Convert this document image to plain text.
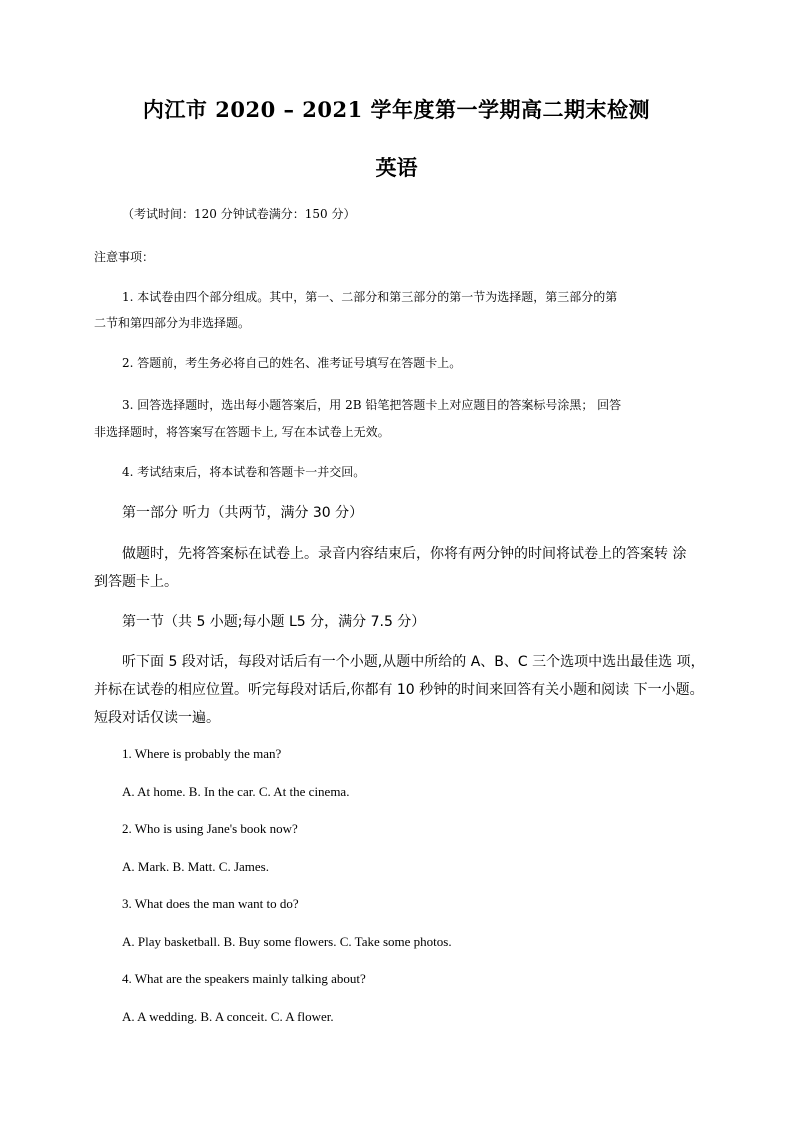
内江市 2020 – 2021 学年度第一学期高二期末检测
英语
（考试时间：120 分钟试卷满分：150 分）
注意事项：
1. 本试卷由四个部分组成。其中，第一、二部分和第三部分的第一节为选择题，第三部分的第
二节和第四部分为非选择题。
2. 答题前，考生务必将自己的姓名、准考证号填写在答题卡上。
3. 回答选择题时，选出每小题答案后，用 2B 铅笔把答题卡上对应题目的答案标号涂黑； 回答
非选择题时，将答案写在答题卡上, 写在本试卷上无效。
4. 考试结束后，将本试卷和答题卡一并交回。
第一部分 听力（共两节，满分 30 分）
做题时，先将答案标在试卷上。录音内容结束后，你将有两分钟的时间将试卷上的答案转 涂
到答题卡上。
第一节（共 5 小题;每小题 L5 分，满分 7.5 分）
听下面 5 段对话，每段对话后有一个小题,从题中所给的 A、B、C 三个选项中选出最佳选 项，
并标在试卷的相应位置。听完每段对话后,你都有 10 秒钟的时间来回答有关小题和阅读 下一小题。
短段对话仅读一遍。
1. Where is probably the man?
A. At home. B. In the car. C. At the cinema.
2. Who is using Jane's book now?
A. Mark. B. Matt. C. James.
3. What does the man want to do?
A. Play basketball. B. Buy some flowers. C. Take some photos.
4. What are the speakers mainly talking about?
A. A wedding. B. A conceit. C. A flower.
